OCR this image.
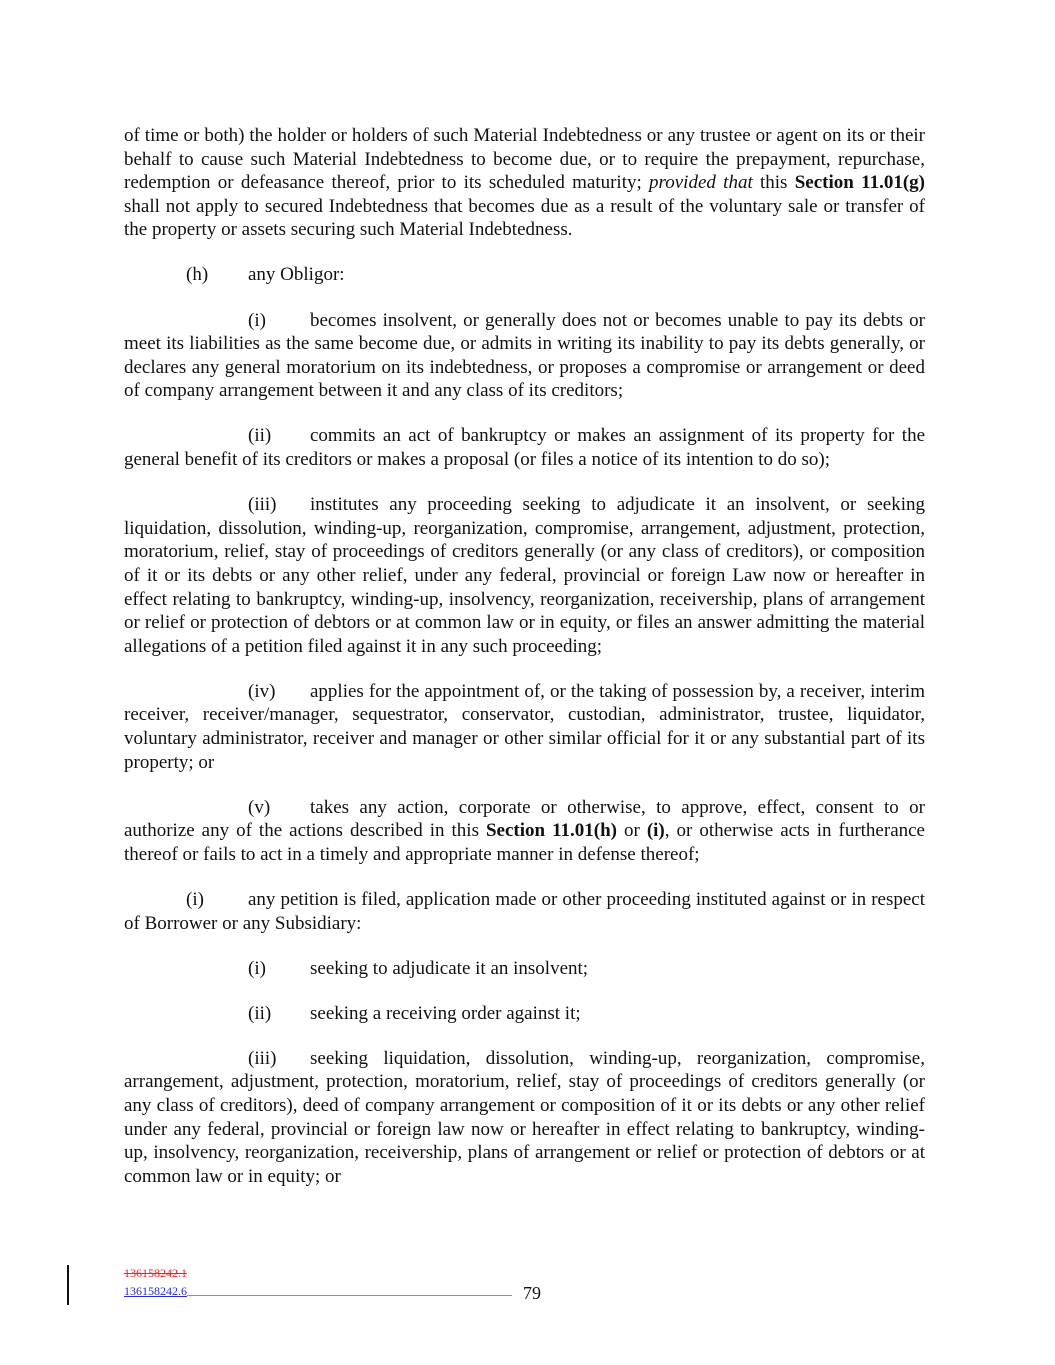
of time or both) the holder or holders of such Material Indebtedness or any trustee or agent on its or their behalf to cause such Material Indebtedness to become due, or to require the prepayment, repurchase, redemption or defeasance thereof, prior to its scheduled maturity; provided that this Section 11.01(g) shall not apply to secured Indebtedness that becomes due as a result of the voluntary sale or transfer of the property or assets securing such Material Indebtedness.

(h) any Obligor:

(i) becomes insolvent, or generally does not or becomes unable to pay its debts or meet its liabilities as the same become due, or admits in writing its inability to pay its debts generally, or declares any general moratorium on its indebtedness, or proposes a compromise or arrangement or deed of company arrangement between it and any class of its creditors;

(ii) commits an act of bankruptcy or makes an assignment of its property for the general benefit of its creditors or makes a proposal (or files a notice of its intention to do so);

(iii) institutes any proceeding seeking to adjudicate it an insolvent, or seeking liquidation, dissolution, winding-up, reorganization, compromise, arrangement, adjustment, protection, moratorium, relief, stay of proceedings of creditors generally (or any class of creditors), or composition of it or its debts or any other relief, under any federal, provincial or foreign Law now or hereafter in effect relating to bankruptcy, winding-up, insolvency, reorganization, receivership, plans of arrangement or relief or protection of debtors or at common law or in equity, or files an answer admitting the material allegations of a petition filed against it in any such proceeding;

(iv) applies for the appointment of, or the taking of possession by, a receiver, interim receiver, receiver/manager, sequestrator, conservator, custodian, administrator, trustee, liquidator, voluntary administrator, receiver and manager or other similar official for it or any substantial part of its property; or

(v) takes any action, corporate or otherwise, to approve, effect, consent to or authorize any of the actions described in this Section 11.01(h) or (i), or otherwise acts in furtherance thereof or fails to act in a timely and appropriate manner in defense thereof;

(i) any petition is filed, application made or other proceeding instituted against or in respect of Borrower or any Subsidiary:

(i) seeking to adjudicate it an insolvent;

(ii) seeking a receiving order against it;

(iii) seeking liquidation, dissolution, winding-up, reorganization, compromise, arrangement, adjustment, protection, moratorium, relief, stay of proceedings of creditors generally (or any class of creditors), deed of company arrangement or composition of it or its debts or any other relief under any federal, provincial or foreign law now or hereafter in effect relating to bankruptcy, winding-up, insolvency, reorganization, receivership, plans of arrangement or relief or protection of debtors or at common law or in equity; or

136158242.1
136158242.6	79
